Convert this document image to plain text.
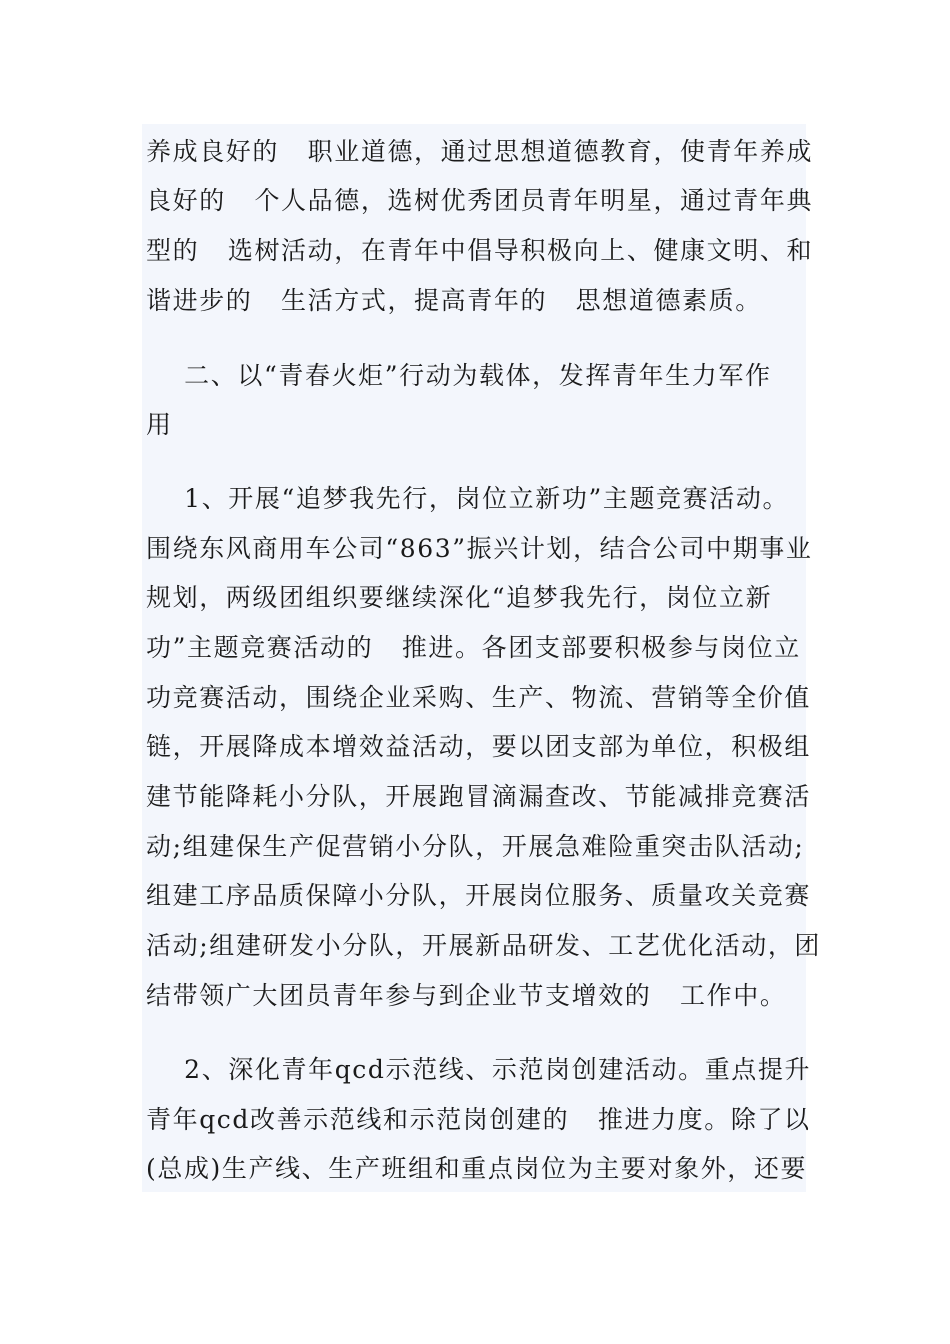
养成良好的   职业道德，通过思想道德教育，使青年养成

良好的   个人品德，选树优秀团员青年明星，通过青年典

型的   选树活动，在青年中倡导积极向上、健康文明、和

谐进步的   生活方式，提高青年的   思想道德素质。

二、以“青春火炬”行动为载体，发挥青年生力军作

用

1、开展“追梦我先行，岗位立新功”主题竞赛活动。

围绕东风商用车公司“863”振兴计划，结合公司中期事业

规划，两级团组织要继续深化“追梦我先行，岗位立新

功”主题竞赛活动的   推进。各团支部要积极参与岗位立

功竞赛活动，围绕企业采购、生产、物流、营销等全价值

链，开展降成本增效益活动，要以团支部为单位，积极组

建节能降耗小分队，开展跑冒滴漏查改、节能减排竞赛活

动;组建保生产促营销小分队，开展急难险重突击队活动;

组建工序品质保障小分队，开展岗位服务、质量攻关竞赛

活动;组建研发小分队，开展新品研发、工艺优化活动，团

结带领广大团员青年参与到企业节支增效的   工作中。

2、深化青年qcd示范线、示范岗创建活动。重点提升

青年qcd改善示范线和示范岗创建的   推进力度。除了以

(总成)生产线、生产班组和重点岗位为主要对象外，还要
